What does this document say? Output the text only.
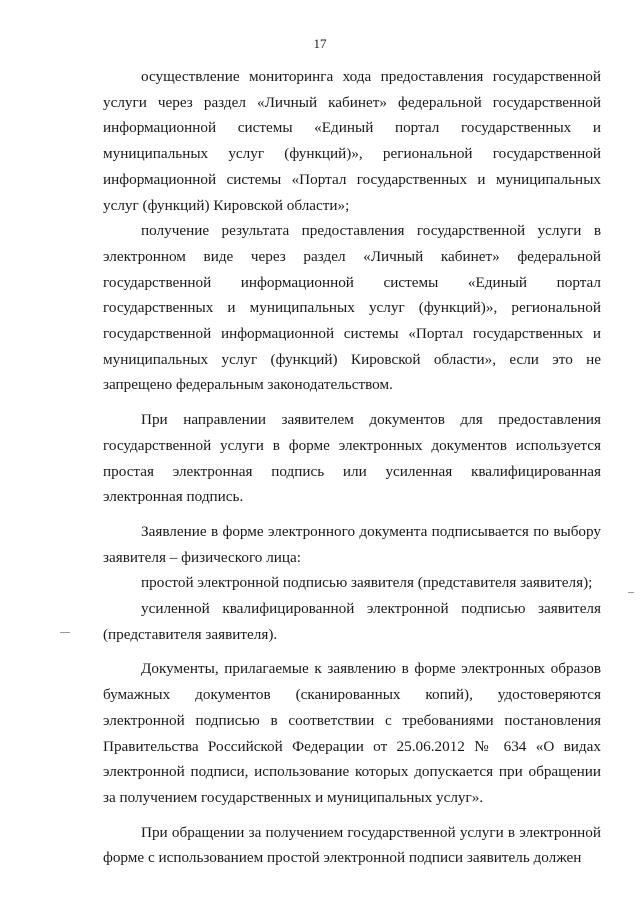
17

осуществление мониторинга хода предоставления государственной услуги через раздел «Личный кабинет» федеральной государственной информационной системы «Единый портал государственных и муниципальных услуг (функций)», региональной государственной информационной системы «Портал государственных и муниципальных услуг (функций) Кировской области»;

получение результата предоставления государственной услуги в электронном виде через раздел «Личный кабинет» федеральной государственной информационной системы «Единый портал государственных и муниципальных услуг (функций)», региональной государственной информационной системы «Портал государственных и муниципальных услуг (функций) Кировской области», если это не запрещено федеральным законодательством.

При направлении заявителем документов для предоставления государственной услуги в форме электронных документов используется простая электронная подпись или усиленная квалифицированная электронная подпись.

Заявление в форме электронного документа подписывается по выбору заявителя – физического лица:

простой электронной подписью заявителя (представителя заявителя);

усиленной квалифицированной электронной подписью заявителя (представителя заявителя).

Документы, прилагаемые к заявлению в форме электронных образов бумажных документов (сканированных копий), удостоверяются электронной подписью в соответствии с требованиями постановления Правительства Российской Федерации от 25.06.2012 № 634 «О видах электронной подписи, использование которых допускается при обращении за получением государственных и муниципальных услуг».

При обращении за получением государственной услуги в электронной форме с использованием простой электронной подписи заявитель должен
